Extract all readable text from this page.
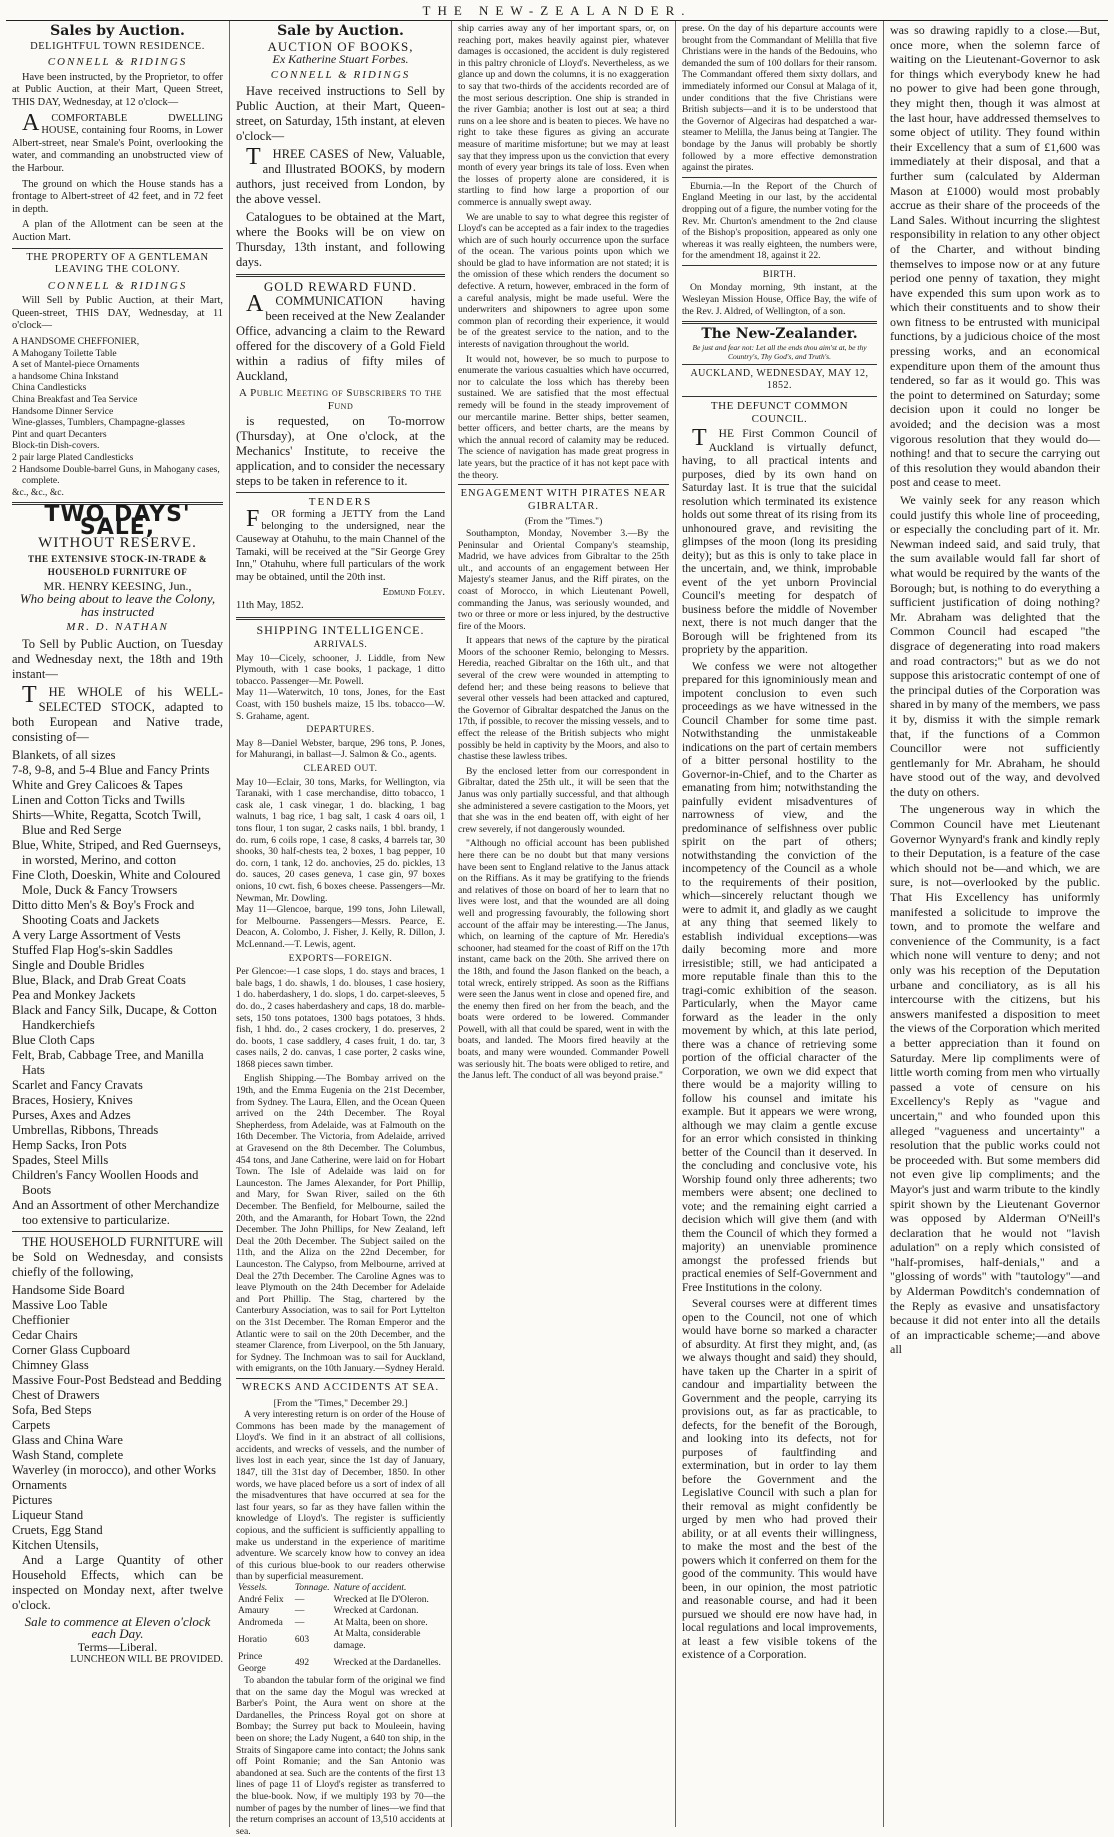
THE NEW-ZEALANDER.
Sales by Auction.
DELIGHTFUL TOWN RESIDENCE.
CONNELL & RIDINGS

Have been instructed, by the Proprietor, to offer at Public Auction, at their Mart, Queen Street, THIS DAY, Wednesday, at 12 o'clock—

ACOMFORTABLE DWELLING HOUSE, containing four Rooms, in Lower Albert-street, near Smale's Point, overlooking the water, and commanding an unobstructed view of the Harbour.

The ground on which the House stands has a frontage to Albert-street of 42 feet, and in 72 feet in depth.

A plan of the Allotment can be seen at the Auction Mart.

THE PROPERTY OF A GENTLEMAN LEAVING THE COLONY.
CONNELL & RIDINGS

Will Sell by Public Auction, at their Mart, Queen-street, THIS DAY, Wednesday, at 11 o'clock—

A HANDSOME CHEFFONIER,
A Mahogany Toilette Table
A set of Mantel-piece Ornaments
a handsome China Inkstand
China Candlesticks
China Breakfast and Tea Service
Handsome Dinner Service
Wine-glasses, Tumblers, Champagne-glasses
Pint and quart Decanters
Block-tin Dish-covers.
2 pair large Plated Candlesticks
2 Handsome Double-barrel Guns, in Mahogany cases, complete.
&c., &c., &c.
TWO DAYS' SALE,
WITHOUT RESERVE.
THE EXTENSIVE STOCK-IN-TRADE & HOUSEHOLD FURNITURE OF
MR. HENRY KEESING, Jun.,
Who being about to leave the Colony, has instructed
MR. D. NATHAN

To Sell by Public Auction, on Tuesday and Wednesday next, the 18th and 19th instant—

THE WHOLE of his WELL-SELECTED STOCK, adapted to both European and Native trade, consisting of—

Blankets, of all sizes
7-8, 9-8, and 5-4 Blue and Fancy Prints
White and Grey Calicoes & Tapes
Linen and Cotton Ticks and Twills
Shirts—White, Regatta, Scotch Twill, Blue and Red Serge
Blue, White, Striped, and Red Guernseys, in worsted, Merino, and cotton
Fine Cloth, Doeskin, White and Coloured Mole, Duck & Fancy Trowsers
Ditto ditto Men's & Boy's Frock and Shooting Coats and Jackets
A very Large Assortment of Vests
Stuffed Flap Hog's-skin Saddles
Single and Double Bridles
Blue, Black, and Drab Great Coats
Pea and Monkey Jackets
Black and Fancy Silk, Ducape, & Cotton Handkerchiefs
Blue Cloth Caps
Felt, Brab, Cabbage Tree, and Manilla Hats
Scarlet and Fancy Cravats
Braces, Hosiery, Knives
Purses, Axes and Adzes
Umbrellas, Ribbons, Threads
Hemp Sacks, Iron Pots
Spades, Steel Mills
Children's Fancy Woollen Hoods and Boots
And an Assortment of other Merchandize too extensive to particularize.

THE HOUSEHOLD FURNITURE will be Sold on Wednesday, and consists chiefly of the following,

Handsome Side Board
Massive Loo Table
Cheffionier
Cedar Chairs
Corner Glass Cupboard
Chimney Glass
Massive Four-Post Bedstead and Bedding
Chest of Drawers
Sofa, Bed Steps
Carpets
Glass and China Ware
Wash Stand, complete
Waverley (in morocco), and other Works
Ornaments
Pictures
Liqueur Stand
Cruets, Egg Stand
Kitchen Utensils,

And a Large Quantity of other Household Effects, which can be inspected on Monday next, after twelve o'clock.

Sale to commence at Eleven o'clock each Day.
Terms—Liberal.
LUNCHEON WILL BE PROVIDED.
Sale by Auction.
AUCTION OF BOOKS,
Ex Katherine Stuart Forbes.
CONNELL & RIDINGS

Have received instructions to Sell by Public Auction, at their Mart, Queen-street, on Saturday, 15th instant, at eleven o'clock—

THREE CASES of New, Valuable, and Illustrated BOOKS, by modern authors, just received from London, by the above vessel.

Catalogues to be obtained at the Mart, where the Books will be on view on Thursday, 13th instant, and following days.

GOLD REWARD FUND.

ACOMMUNICATION having been received at the New Zealander Office, advancing a claim to the Reward offered for the discovery of a Gold Field within a radius of fifty miles of Auckland,

A Public Meeting of Subscribers to the Fund

is requested, on To-morrow (Thursday), at One o'clock, at the Mechanics' Institute, to receive the application, and to consider the necessary steps to be taken in reference to it.

TENDERS

FOR forming a JETTY from the Land belonging to the undersigned, near the Causeway at Otahuhu, to the main Channel of the Tamaki, will be received at the "Sir George Grey Inn," Otahuhu, where full particulars of the work may be obtained, until the 20th inst.

Edmund Foley.
11th May, 1852.
SHIPPING INTELLIGENCE.
ARRIVALS.
May 10—Cicely, schooner, J. Liddle, from New Plymouth, with 1 case books, 1 package, 1 ditto tobacco. Passenger—Mr. Powell.
May 11—Waterwitch, 10 tons, Jones, for the East Coast, with 150 bushels maize, 15 lbs. tobacco—W. S. Grahame, agent.
DEPARTURES.
May 8—Daniel Webster, barque, 296 tons, P. Jones, for Mahurangi, in ballast—J. Salmon & Co., agents.
CLEARED OUT.
May 10—Eclair, 30 tons, Marks, for Wellington, via Taranaki, with 1 case merchandise, ditto tobacco, 1 cask ale, 1 cask vinegar, 1 do. blacking, 1 bag walnuts, 1 bag rice, 1 bag salt, 1 cask 4 oars oil, 1 tons flour, 1 ton sugar, 2 casks nails, 1 bbl. brandy, 1 do. rum, 6 coils rope, 1 case, 8 casks, 4 barrels tar, 30 shooks, 30 half-chests tea, 2 boxes, 1 bag pepper, 10 do. corn, 1 tank, 12 do. anchovies, 25 do. pickles, 13 do. sauces, 20 cases geneva, 1 case gin, 97 boxes onions, 10 cwt. fish, 6 boxes cheese. Passengers—Mr. Newman, Mr. Dowling.
May 11—Glencoe, barque, 199 tons, John Lilewall, for Melbourne. Passengers—Messrs. Pearce, E. Deacon, A. Colombo, J. Fisher, J. Kelly, R. Dillon, J. McLennand.—T. Lewis, agent.
EXPORTS—FOREIGN.
Per Glencoe:—1 case slops, 1 do. stays and braces, 1 bale bags, 1 do. shawls, 1 do. blouses, 1 case hosiery, 1 do. haberdashery, 1 do. slops, 1 do. carpet-sleeves, 5 do. do., 2 cases haberdashery and caps, 18 do. marble-sets, 150 tons potatoes, 1300 bags potatoes, 3 hhds. fish, 1 hhd. do., 2 cases crockery, 1 do. preserves, 2 do. boots, 1 case saddlery, 4 cases fruit, 1 do. tar, 3 cases nails, 2 do. canvas, 1 case porter, 2 casks wine, 1868 pieces sawn timber.
English Shipping.—The Bombay arrived on the 19th, and the Emma Eugenia on the 21st December, from Sydney. The Laura, Ellen, and the Ocean Queen arrived on the 24th December. The Royal Shepherdess, from Adelaide, was at Falmouth on the 16th December. The Victoria, from Adelaide, arrived at Gravesend on the 8th December. The Columbus, 454 tons, and Jane Catherine, were laid on for Hobart Town. The Isle of Adelaide was laid on for Launceston. The James Alexander, for Port Phillip, and Mary, for Swan River, sailed on the 6th December. The Benfield, for Melbourne, sailed the 20th, and the Amaranth, for Hobart Town, the 22nd December. The John Phillips, for New Zealand, left Deal the 20th December. The Subject sailed on the 11th, and the Aliza on the 22nd December, for Launceston. The Calypso, from Melbourne, arrived at Deal the 27th December. The Caroline Agnes was to leave Plymouth on the 24th December for Adelaide and Port Phillip. The Stag, chartered by the Canterbury Association, was to sail for Port Lyttelton on the 31st December. The Roman Emperor and the Atlantic were to sail on the 20th December, and the steamer Clarence, from Liverpool, on the 5th January, for Sydney. The Inchmoan was to sail for Auckland, with emigrants, on the 10th January.—Sydney Herald.
WRECKS AND ACCIDENTS AT SEA.
[From the "Times," December 29.]
A very interesting return is on order of the House of Commons has been made by the management of Lloyd's. We find in it an abstract of all collisions, accidents, and wrecks of vessels, and the number of lives lost in each year, since the 1st day of January, 1847, till the 31st day of December, 1850. In other words, we have placed before us a sort of index of all the misadventures that have occurred at sea for the last four years, so far as they have fallen within the knowledge of Lloyd's. The register is sufficiently copious, and the sufficient is sufficiently appalling to make us understand in the experience of maritime adventure. We scarcely know how to convey an idea of this curious blue-book to our readers otherwise than by superficial measurement.
Vessels.	Tonnage.	Nature of accident.
André Felix	—	Wrecked at Ile D'Oleron.
Amaury	—	Wrecked at Cardonan.
Andromeda	—	At Malta, been on shore.
Horatio	603	At Malta, considerable damage.
Prince George	492	Wrecked at the Dardanelles.
To abandon the tabular form of the original we find that on the same day the Mogul was wrecked at Barber's Point, the Aura went on shore at the Dardanelles, the Princess Royal got on shore at Bombay; the Surrey put back to Mouleein, having been on shore; the Lady Nugent, a 640 ton ship, in the Straits of Singapore came into contact; the Johns sank off Point Romanie; and the San Antonio was abandoned at sea. Such are the contents of the first 13 lines of page 11 of Lloyd's register as transferred to the blue-book. Now, if we multiply 193 by 70—the number of pages by the number of lines—we find that the return comprises an account of 13,510 accidents at sea.
ship carries away any of her important spars, or, on reaching port, makes heavily against pier, whatever damages is occasioned, the accident is duly registered in this paltry chronicle of Lloyd's. Nevertheless, as we glance up and down the columns, it is no exaggeration to say that two-thirds of the accidents recorded are of the most serious description. One ship is stranded in the river Gambia; another is lost out at sea; a third runs on a lee shore and is beaten to pieces. We have no right to take these figures as giving an accurate measure of maritime misfortune; but we may at least say that they impress upon us the conviction that every month of every year brings its tale of loss. Even when the losses of property alone are considered, it is startling to find how large a proportion of our commerce is annually swept away.
We are unable to say to what degree this register of Lloyd's can be accepted as a fair index to the tragedies which are of such hourly occurrence upon the surface of the ocean. The various points upon which we should be glad to have information are not stated; it is the omission of these which renders the document so defective. A return, however, embraced in the form of a careful analysis, might be made useful. Were the underwriters and shipowners to agree upon some common plan of recording their experience, it would be of the greatest service to the nation, and to the interests of navigation throughout the world.
It would not, however, be so much to purpose to enumerate the various casualties which have occurred, nor to calculate the loss which has thereby been sustained. We are satisfied that the most effectual remedy will be found in the steady improvement of our mercantile marine. Better ships, better seamen, better officers, and better charts, are the means by which the annual record of calamity may be reduced. The science of navigation has made great progress in late years, but the practice of it has not kept pace with the theory.
ENGAGEMENT WITH PIRATES NEAR GIBRALTAR.
(From the "Times.")
Southampton, Monday, November 3.—By the Peninsular and Oriental Company's steamship, Madrid, we have advices from Gibraltar to the 25th ult., and accounts of an engagement between Her Majesty's steamer Janus, and the Riff pirates, on the coast of Morocco, in which Lieutenant Powell, commanding the Janus, was seriously wounded, and two or three or more or less injured, by the destructive fire of the Moors.
It appears that news of the capture by the piratical Moors of the schooner Remio, belonging to Messrs. Heredia, reached Gibraltar on the 16th ult., and that several of the crew were wounded in attempting to defend her; and these being reasons to believe that several other vessels had been attacked and captured, the Governor of Gibraltar despatched the Janus on the 17th, if possible, to recover the missing vessels, and to effect the release of the British subjects who might possibly be held in captivity by the Moors, and also to chastise these lawless tribes.
By the enclosed letter from our correspondent in Gibraltar, dated the 25th ult., it will be seen that the Janus was only partially successful, and that although she administered a severe castigation to the Moors, yet that she was in the end beaten off, with eight of her crew severely, if not dangerously wounded.
"Although no official account has been published here there can be no doubt but that many versions have been sent to England relative to the Janus attack on the Riffians. As it may be gratifying to the friends and relatives of those on board of her to learn that no lives were lost, and that the wounded are all doing well and progressing favourably, the following short account of the affair may be interesting.—The Janus, which, on learning of the capture of Mr. Heredia's schooner, had steamed for the coast of Riff on the 17th instant, came back on the 20th. She arrived there on the 18th, and found the Jason flanked on the beach, a total wreck, entirely stripped. As soon as the Riffians were seen the Janus went in close and opened fire, and the enemy then fired on her from the beach, and the boats were ordered to be lowered. Commander Powell, with all that could be spared, went in with the boats, and landed. The Moors fired heavily at the boats, and many were wounded. Commander Powell was seriously hit. The boats were obliged to retire, and the Janus left. The conduct of all was beyond praise."
prese. On the day of his departure accounts were brought from the Commandant of Melilla that five Christians were in the hands of the Bedouins, who demanded the sum of 100 dollars for their ransom. The Commandant offered them sixty dollars, and immediately informed our Consul at Malaga of it, under conditions that the five Christians were British subjects—and it is to be understood that the Governor of Algeciras had despatched a war-steamer to Melilla, the Janus being at Tangier. The bondage by the Janus will probably be shortly followed by a more effective demonstration against the pirates.
Eburnia.—In the Report of the Church of England Meeting in our last, by the accidental dropping out of a figure, the number voting for the Rev. Mr. Churton's amendment to the 2nd clause of the Bishop's proposition, appeared as only one whereas it was really eighteen, the numbers were, for the amendment 18, against it 22.
BIRTH.
On Monday morning, 9th instant, at the Wesleyan Mission House, Office Bay, the wife of the Rev. J. Aldred, of Wellington, of a son.
The New-Zealander.
Be just and fear not: Let all the ends thou aim'st at, be thy Country's, Thy God's, and Truth's.
AUCKLAND, WEDNESDAY, MAY 12, 1852.
THE DEFUNCT COMMON COUNCIL.

THE First Common Council of Auckland is virtually defunct, having, to all practical intents and purposes, died by its own hand on Saturday last. It is true that the suicidal resolution which terminated its existence holds out some threat of its rising from its unhonoured grave, and revisiting the glimpses of the moon (long its presiding deity); but as this is only to take place in the uncertain, and, we think, improbable event of the yet unborn Provincial Council's meeting for despatch of business before the middle of November next, there is not much danger that the Borough will be frightened from its propriety by the apparition.

We confess we were not altogether prepared for this ignominiously mean and impotent conclusion to even such proceedings as we have witnessed in the Council Chamber for some time past. Notwithstanding the unmistakeable indications on the part of certain members of a bitter personal hostility to the Governor-in-Chief, and to the Charter as emanating from him; notwithstanding the painfully evident misadventures of narrowness of view, and the predominance of selfishness over public spirit on the part of others; notwithstanding the conviction of the incompetency of the Council as a whole to the requirements of their position, which—sincerely reluctant though we were to admit it, and gladly as we caught at any thing that seemed likely to establish individual exceptions—was daily becoming more and more irresistible; still, we had anticipated a more reputable finale than this to the tragi-comic exhibition of the season. Particularly, when the Mayor came forward as the leader in the only movement by which, at this late period, there was a chance of retrieving some portion of the official character of the Corporation, we own we did expect that there would be a majority willing to follow his counsel and imitate his example. But it appears we were wrong, although we may claim a gentle excuse for an error which consisted in thinking better of the Council than it deserved. In the concluding and conclusive vote, his Worship found only three adherents; two members were absent; one declined to vote; and the remaining eight carried a decision which will give them (and with them the Council of which they formed a majority) an unenviable prominence amongst the professed friends but practical enemies of Self-Government and Free Institutions in the colony.

Several courses were at different times open to the Council, not one of which would have borne so marked a character of absurdity. At first they might, and, (as we always thought and said) they should, have taken up the Charter in a spirit of candour and impartiality between the Government and the people, carrying its provisions out, as far as practicable, to defects, for the benefit of the Borough, and looking into its defects, not for purposes of faultfinding and extermination, but in order to lay them before the Government and the Legislative Council with such a plan for their removal as might confidently be urged by men who had proved their ability, or at all events their willingness, to make the most and the best of the powers which it conferred on them for the good of the community. This would have been, in our opinion, the most patriotic and reasonable course, and had it been pursued we should ere now have had, in local regulations and local improvements, at least a few visible tokens of the existence of a Corporation.

was so drawing rapidly to a close.—But, once more, when the solemn farce of waiting on the Lieutenant-Governor to ask for things which everybody knew he had no power to give had been gone through, they might then, though it was almost at the last hour, have addressed themselves to some object of utility. They found within their Excellency that a sum of £1,600 was immediately at their disposal, and that a further sum (calculated by Alderman Mason at £1000) would most probably accrue as their share of the proceeds of the Land Sales. Without incurring the slightest responsibility in relation to any other object of the Charter, and without binding themselves to impose now or at any future period one penny of taxation, they might have expended this sum upon work as to which their constituents and to show their own fitness to be entrusted with municipal functions, by a judicious choice of the most pressing works, and an economical expenditure upon them of the amount thus tendered, so far as it would go. This was the point to determined on Saturday; some decision upon it could no longer be avoided; and the decision was a most vigorous resolution that they would do—nothing! and that to secure the carrying out of this resolution they would abandon their post and cease to meet.

We vainly seek for any reason which could justify this whole line of proceeding, or especially the concluding part of it. Mr. Newman indeed said, and said truly, that the sum available would fall far short of what would be required by the wants of the Borough; but, is nothing to do everything a sufficient justification of doing nothing? Mr. Abraham was delighted that the Common Council had escaped "the disgrace of degenerating into road makers and road contractors;" but as we do not suppose this aristocratic contempt of one of the principal duties of the Corporation was shared in by many of the members, we pass it by, dismiss it with the simple remark that, if the functions of a Common Councillor were not sufficiently gentlemanly for Mr. Abraham, he should have stood out of the way, and devolved the duty on others.

The ungenerous way in which the Common Council have met Lieutenant Governor Wynyard's frank and kindly reply to their Deputation, is a feature of the case which should not be—and which, we are sure, is not—overlooked by the public. That His Excellency has uniformly manifested a solicitude to improve the town, and to promote the welfare and convenience of the Community, is a fact which none will venture to deny; and not only was his reception of the Deputation urbane and conciliatory, as is all his intercourse with the citizens, but his answers manifested a disposition to meet the views of the Corporation which merited a better appreciation than it found on Saturday. Mere lip compliments were of little worth coming from men who virtually passed a vote of censure on his Excellency's Reply as "vague and uncertain," and who founded upon this alleged "vagueness and uncertainty" a resolution that the public works could not be proceeded with. But some members did not even give lip compliments; and the Mayor's just and warm tribute to the kindly spirit shown by the Lieutenant Governor was opposed by Alderman O'Neill's declaration that he would not "lavish adulation" on a reply which consisted of "half-promises, half-denials," and a "glossing of words" with "tautology"—and by Alderman Powditch's condemnation of the Reply as evasive and unsatisfactory because it did not enter into all the details of an impracticable scheme;—and above all
